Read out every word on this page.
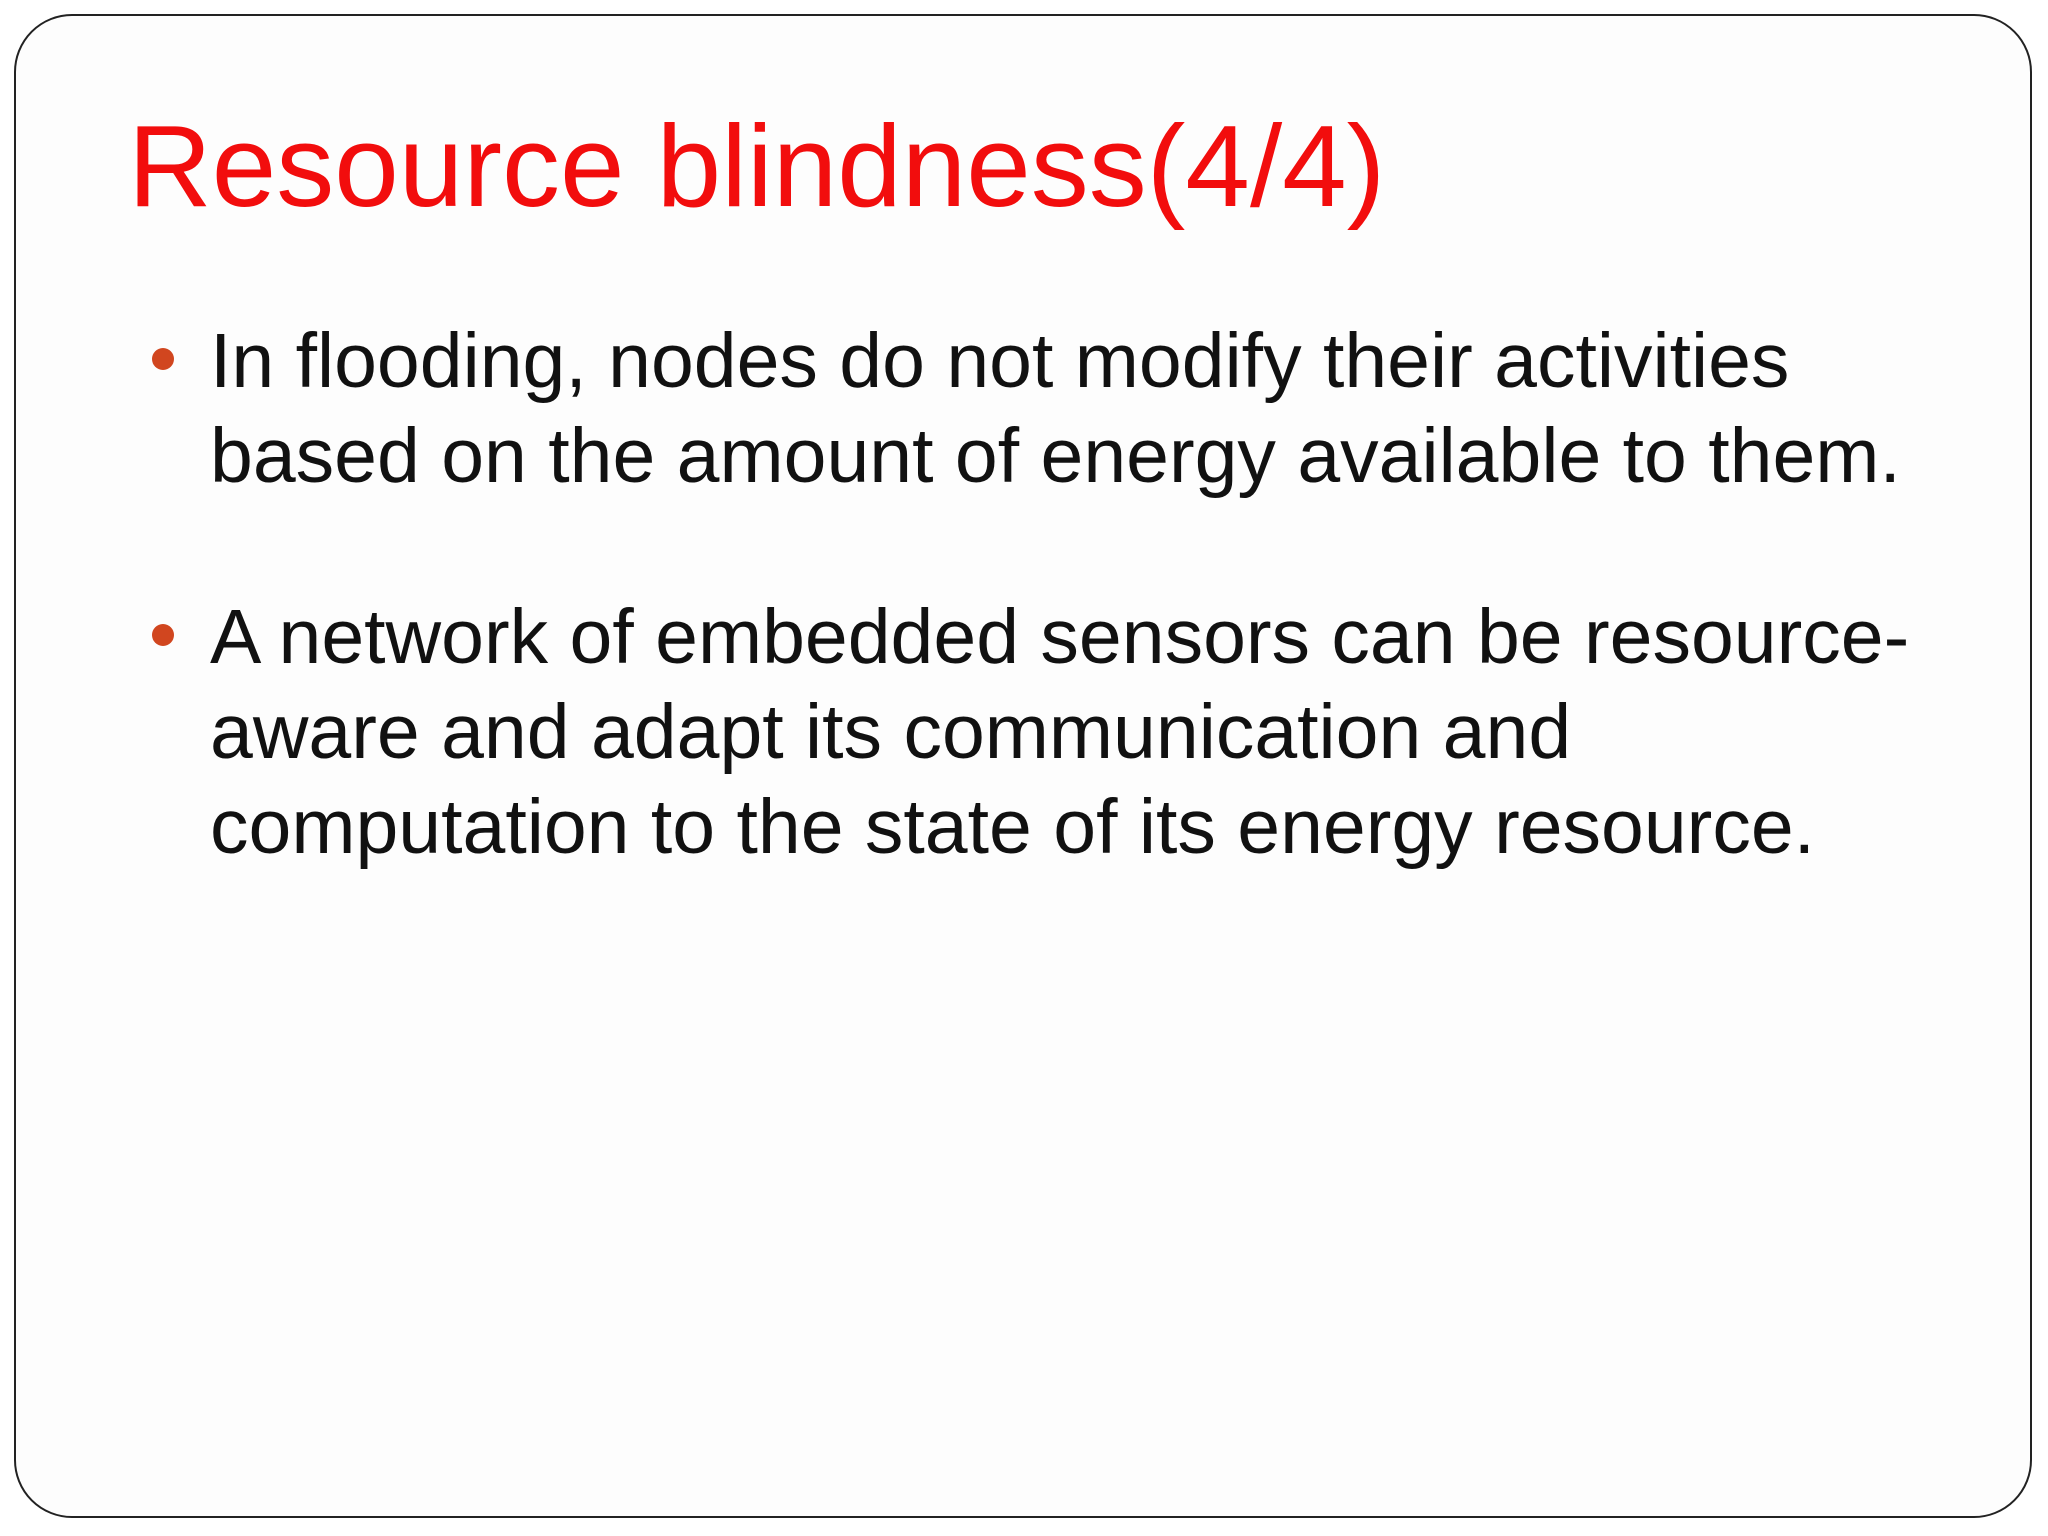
Resource blindness(4/4)
In flooding, nodes do not modify their activities based on the amount of energy available to them.
A network of embedded sensors can be resource-aware and adapt its communication and computation to the state of its energy resource.
